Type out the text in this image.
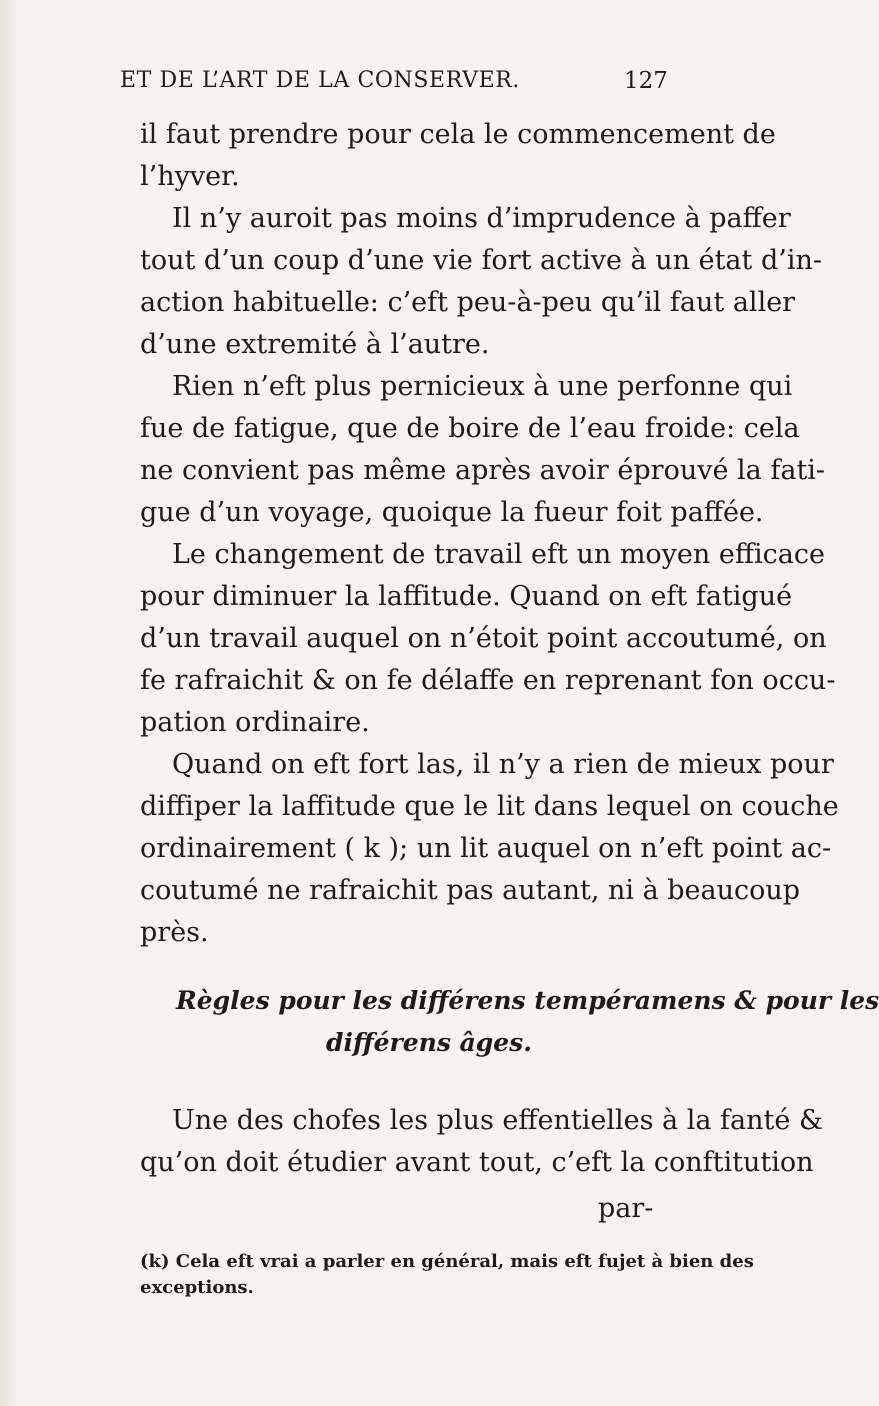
ET DE L’ART DE LA CONSERVER.	127
il faut prendre pour cela le commencement de
l’hyver.
Il n’y auroit pas moins d’imprudence à paffer
tout d’un coup d’une vie fort active à un état d’in-
action habituelle: c’eft peu-à-peu qu’il faut aller
d’une extremité à l’autre.
Rien n’eft plus pernicieux à une perfonne qui
fue de fatigue, que de boire de l’eau froide: cela
ne convient pas même après avoir éprouvé la fati-
gue d’un voyage, quoique la fueur foit paffée.
Le changement de travail eft un moyen efficace
pour diminuer la laffitude. Quand on eft fatigué
d’un travail auquel on n’étoit point accoutumé, on
fe rafraichit & on fe délaffe en reprenant fon occu-
pation ordinaire.
Quand on eft fort las, il n’y a rien de mieux pour
diffiper la laffitude que le lit dans lequel on couche
ordinairement ( k ); un lit auquel on n’eft point ac-
coutumé ne rafraichit pas autant, ni à beaucoup
près.
Règles pour les différens tempéramens & pour les
différens âges.
Une des chofes les plus effentielles à la fanté &
qu’on doit étudier avant tout, c’eft la conftitution
par-
(k) Cela eft vrai a parler en général, mais eft fujet à bien des
exceptions.
